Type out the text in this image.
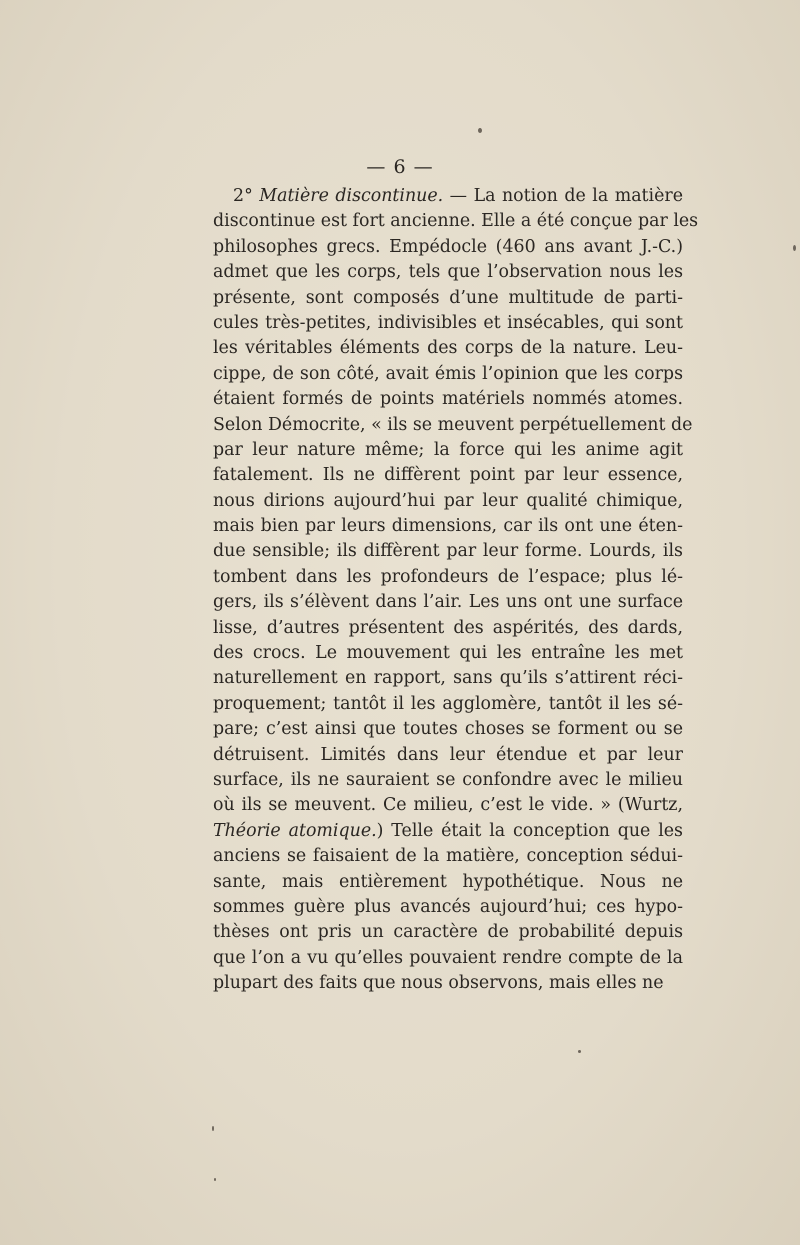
— 6 —
2° Matière discontinue. — La notion de la matière
discontinue est fort ancienne. Elle a été conçue par les
philosophes grecs. Empédocle (460 ans avant J.-C.)
admet que les corps, tels que l’observation nous les
présente, sont composés d’une multitude de parti-
cules très-petites, indivisibles et insécables, qui sont
les véritables éléments des corps de la nature. Leu-
cippe, de son côté, avait émis l’opinion que les corps
étaient formés de points matériels nommés atomes.
Selon Démocrite, « ils se meuvent perpétuellement de
par leur nature même; la force qui les anime agit
fatalement. Ils ne diffèrent point par leur essence,
nous dirions aujourd’hui par leur qualité chimique,
mais bien par leurs dimensions, car ils ont une éten-
due sensible; ils diffèrent par leur forme. Lourds, ils
tombent dans les profondeurs de l’espace; plus lé-
gers, ils s’élèvent dans l’air. Les uns ont une surface
lisse, d’autres présentent des aspérités, des dards,
des crocs. Le mouvement qui les entraîne les met
naturellement en rapport, sans qu’ils s’attirent réci-
proquement; tantôt il les agglomère, tantôt il les sé-
pare; c’est ainsi que toutes choses se forment ou se
détruisent. Limités dans leur étendue et par leur
surface, ils ne sauraient se confondre avec le milieu
où ils se meuvent. Ce milieu, c’est le vide. » (Wurtz,
Théorie atomique.) Telle était la conception que les
anciens se faisaient de la matière, conception sédui-
sante, mais entièrement hypothétique. Nous ne
sommes guère plus avancés aujourd’hui; ces hypo-
thèses ont pris un caractère de probabilité depuis
que l’on a vu qu’elles pouvaient rendre compte de la
plupart des faits que nous observons, mais elles ne
